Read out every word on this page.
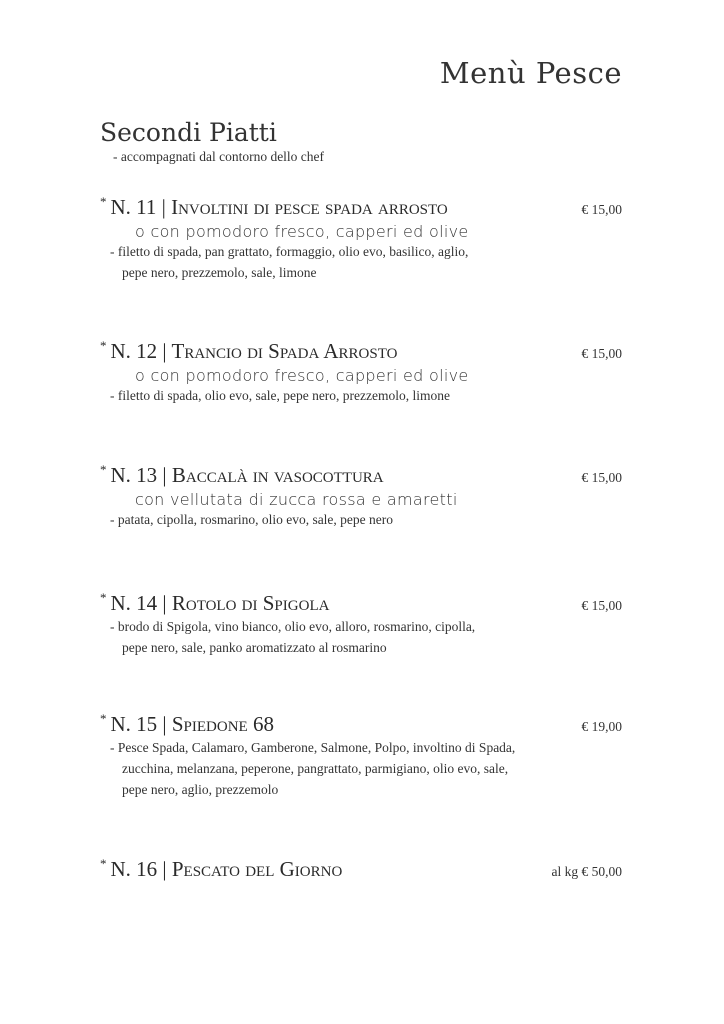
Menù Pesce
Secondi Piatti
- accompagnati dal contorno dello chef
* N. 11 | Involtini di pesce spada arrosto	€ 15,00
o con pomodoro fresco, capperi ed olive
- filetto di spada, pan grattato, formaggio, olio evo, basilico, aglio,
pepe nero, prezzemolo, sale, limone
* N. 12 | Trancio di Spada Arrosto	€ 15,00
o con pomodoro fresco, capperi ed olive
- filetto di spada, olio evo, sale, pepe nero, prezzemolo, limone
* N. 13 | Baccalà in vasocottura	€ 15,00
con vellutata di zucca rossa e amaretti
- patata, cipolla, rosmarino, olio evo, sale, pepe nero
* N. 14 | Rotolo di Spigola	€ 15,00
- brodo di Spigola, vino bianco, olio evo, alloro, rosmarino, cipolla,
pepe nero, sale, panko aromatizzato al rosmarino
* N. 15 | Spiedone 68	€ 19,00
- Pesce Spada, Calamaro, Gamberone, Salmone, Polpo, involtino di Spada,
zucchina, melanzana, peperone, pangrattato, parmigiano, olio evo, sale,
pepe nero, aglio, prezzemolo
* N. 16 | Pescato del Giorno	al kg € 50,00
